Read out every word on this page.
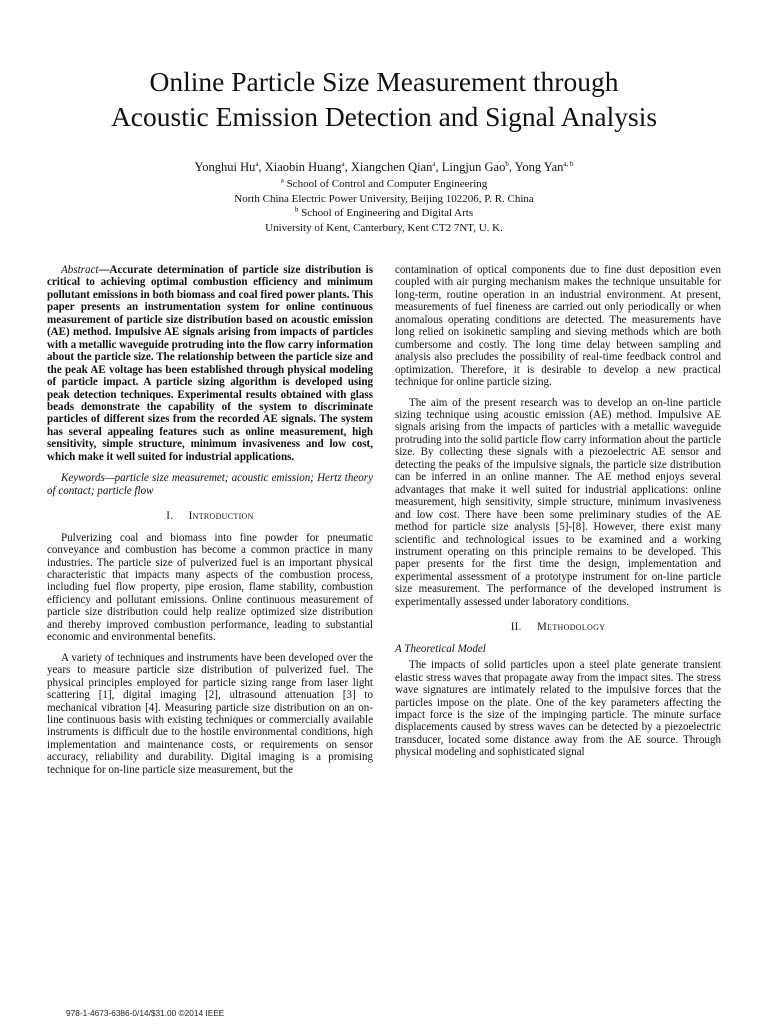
Online Particle Size Measurement through
Acoustic Emission Detection and Signal Analysis
Yonghui Hu$^a$, Xiaobin Huang$^a$, Xiangchen Qian$^a$, Lingjun Gao$^b$, Yong Yan$^{a, b}$
$^a$ School of Control and Computer Engineering
North China Electric Power University, Beijing 102206, P. R. China
$^b$ School of Engineering and Digital Arts
University of Kent, Canterbury, Kent CT2 7NT, U. K.

Abstract—Accurate determination of particle size distribution is critical to achieving optimal combustion efficiency and minimum pollutant emissions in both biomass and coal fired power plants. This paper presents an instrumentation system for online continuous measurement of particle size distribution based on acoustic emission (AE) method. Impulsive AE signals arising from impacts of particles with a metallic waveguide protruding into the flow carry information about the particle size. The relationship between the particle size and the peak AE voltage has been established through physical modeling of particle impact. A particle sizing algorithm is developed using peak detection techniques. Experimental results obtained with glass beads demonstrate the capability of the system to discriminate particles of different sizes from the recorded AE signals. The system has several appealing features such as online measurement, high sensitivity, simple structure, minimum invasiveness and low cost, which make it well suited for industrial applications.

Keywords—particle size measuremet; acoustic emission; Hertz theory of contact; particle flow

I. Introduction

Pulverizing coal and biomass into fine powder for pneumatic conveyance and combustion has become a common practice in many industries. The particle size of pulverized fuel is an important physical characteristic that impacts many aspects of the combustion process, including fuel flow property, pipe erosion, flame stability, combustion efficiency and pollutant emissions. Online continuous measurement of particle size distribution could help realize optimized size distribution and thereby improved combustion performance, leading to substantial economic and environmental benefits.

A variety of techniques and instruments have been developed over the years to measure particle size distribution of pulverized fuel. The physical principles employed for particle sizing range from laser light scattering [1], digital imaging [2], ultrasound attenuation [3] to mechanical vibration [4]. Measuring particle size distribution on an on-line continuous basis with existing techniques or commercially available instruments is difficult due to the hostile environmental conditions, high implementation and maintenance costs, or requirements on sensor accuracy, reliability and durability. Digital imaging is a promising technique for on-line particle size measurement, but the

contamination of optical components due to fine dust deposition even coupled with air purging mechanism makes the technique unsuitable for long-term, routine operation in an industrial environment. At present, measurements of fuel fineness are carried out only periodically or when anomalous operating conditions are detected. The measurements have long relied on isokinetic sampling and sieving methods which are both cumbersome and costly. The long time delay between sampling and analysis also precludes the possibility of real-time feedback control and optimization. Therefore, it is desirable to develop a new practical technique for online particle sizing.

The aim of the present research was to develop an on-line particle sizing technique using acoustic emission (AE) method. Impulsive AE signals arising from the impacts of particles with a metallic waveguide protruding into the solid particle flow carry information about the particle size. By collecting these signals with a piezoelectric AE sensor and detecting the peaks of the impulsive signals, the particle size distribution can be inferred in an online manner. The AE method enjoys several advantages that make it well suited for industrial applications: online measurement, high sensitivity, simple structure, minimum invasiveness and low cost. There have been some preliminary studies of the AE method for particle size analysis [5]-[8]. However, there exist many scientific and technological issues to be examined and a working instrument operating on this principle remains to be developed. This paper presents for the first time the design, implementation and experimental assessment of a prototype instrument for on-line particle size measurement. The performance of the developed instrument is experimentally assessed under laboratory conditions.

II. Methodology

A Theoretical Model

The impacts of solid particles upon a steel plate generate transient elastic stress waves that propagate away from the impact sites. The stress wave signatures are intimately related to the impulsive forces that the particles impose on the plate. One of the key parameters affecting the impact force is the size of the impinging particle. The minute surface displacements caused by stress waves can be detected by a piezoelectric transducer, located some distance away from the AE source. Through physical modeling and sophisticated signal

978-1-4673-6386-0/14/$31.00 ©2014 IEEE
